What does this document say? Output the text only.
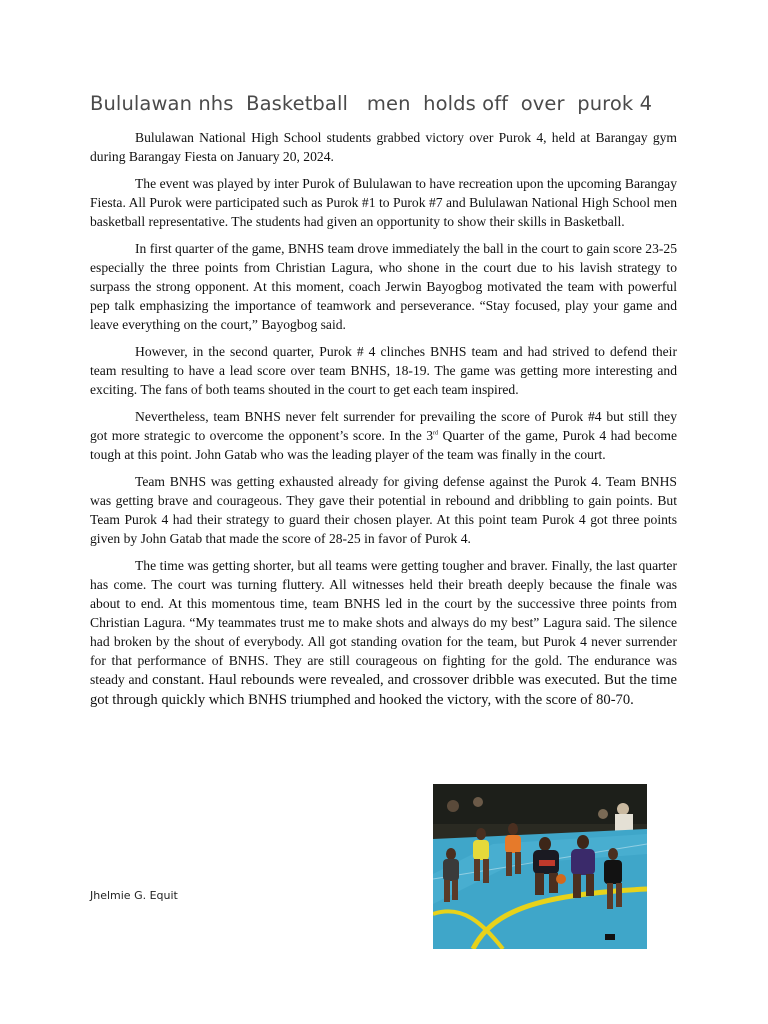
Bululawan nhs  Basketball   men  holds off  over  purok 4

Bululawan National High School students grabbed victory over Purok 4, held at Barangay gym during Barangay Fiesta on January 20, 2024.

The event was played by inter Purok of Bululawan to have recreation upon the upcoming Barangay Fiesta. All Purok were participated such as Purok #1 to Purok #7 and Bululawan National High School men basketball representative. The students had given an opportunity to show their skills in Basketball.

In first quarter of the game, BNHS team drove immediately the ball in the court to gain score 23-25 especially the three points from Christian Lagura, who shone in the court due to his lavish strategy to surpass the strong opponent. At this moment, coach Jerwin Bayogbog motivated the team with powerful pep talk emphasizing the importance of teamwork and perseverance. “Stay focused, play your game and leave everything on the court,” Bayogbog said.

However, in the second quarter, Purok # 4 clinches BNHS team and had strived to defend their team resulting to have a lead score over team BNHS, 18-19. The game was getting more interesting and exciting. The fans of both teams shouted in the court to get each team inspired.

Nevertheless, team BNHS never felt surrender for prevailing the score of Purok #4 but still they got more strategic to overcome the opponent’s score. In the 3rd Quarter of the game, Purok 4 had become tough at this point. John Gatab who was the leading player of the team was finally in the court.

Team BNHS was getting exhausted already for giving defense against the Purok 4. Team BNHS was getting brave and courageous. They gave their potential in rebound and dribbling to gain points. But Team Purok 4 had their strategy to guard their chosen player. At this point team Purok 4 got three points given by John Gatab that made the score of 28-25 in favor of Purok 4.

The time was getting shorter, but all teams were getting tougher and braver. Finally, the last quarter has come. The court was turning fluttery. All witnesses held their breath deeply because the finale was about to end. At this momentous time, team BNHS led in the court by the successive three points from Christian Lagura. “My teammates trust me to make shots and always do my best” Lagura said. The silence had broken by the shout of everybody. All got standing ovation for the team, but Purok 4 never surrender for that performance of BNHS. They are still courageous on fighting for the gold. The endurance was steady and constant. Haul rebounds were revealed, and crossover dribble was executed. But the time got through quickly which BNHS triumphed and hooked the victory, with the score of 80-70.

Jhelmie G. Equit
